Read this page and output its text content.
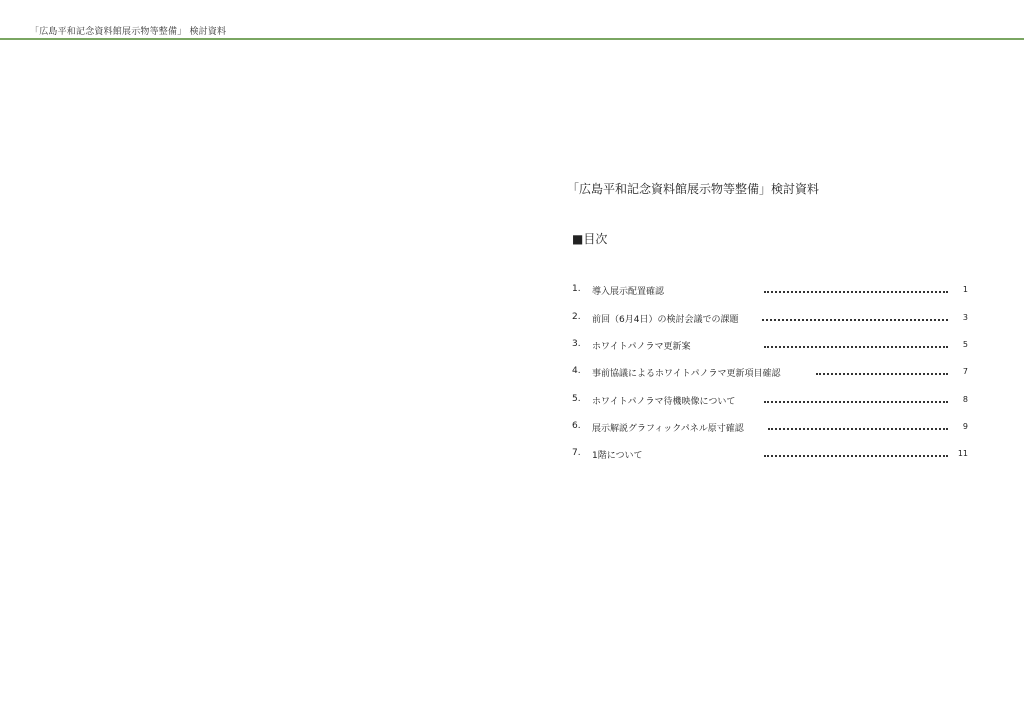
「広島平和記念資料館展示物等整備」 検討資料
「広島平和記念資料館展示物等整備」検討資料
■目次
1. 導入展示配置確認	1
2. 前回（6月4日）の検討会議での課題	3
3. ホワイトパノラマ更新案	5
4. 事前協議によるホワイトパノラマ更新項目確認	7
5. ホワイトパノラマ待機映像について	8
6. 展示解説グラフィックパネル原寸確認	9
7. 1階について	11
